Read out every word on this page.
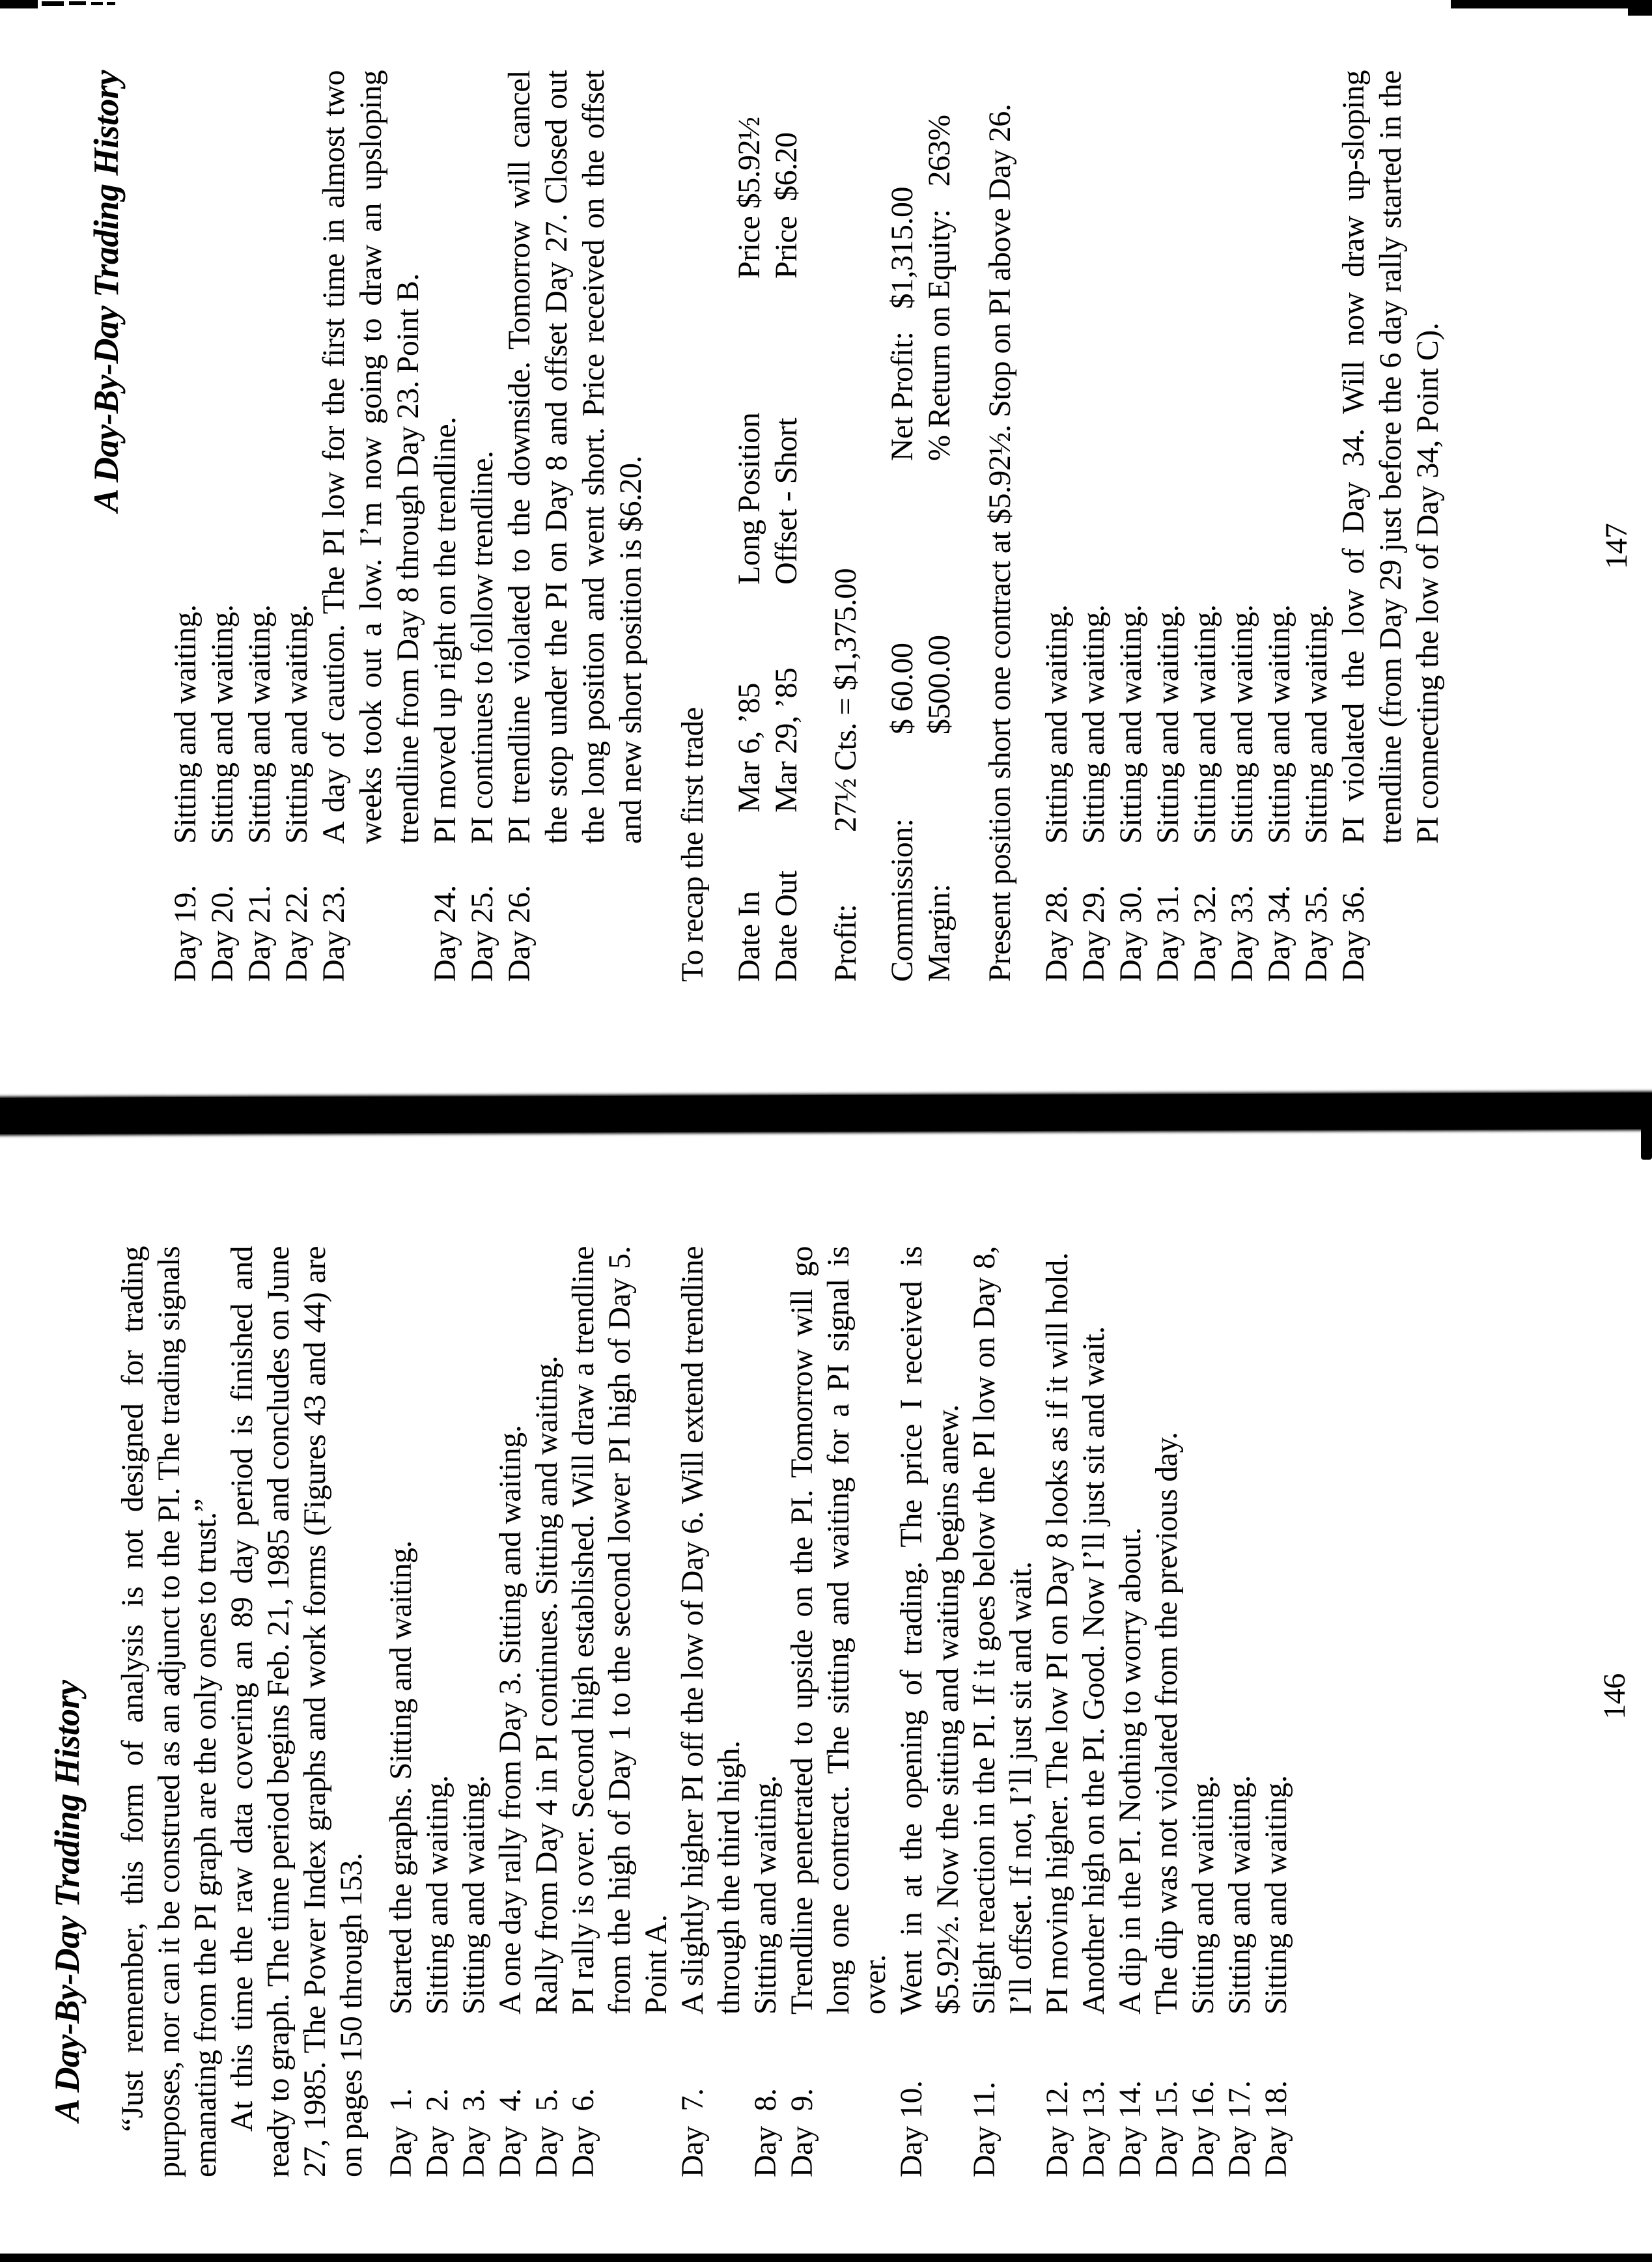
A Day-By-Day Trading History
Day 19.
Sitting and waiting.
Day 20.
Sitting and waiting.
Day 21.
Sitting and waiting.
Day 22.
Sitting and waiting.
Day 23.
A day of caution. The PI low for the first time in almost two weeks took out a low. I’m now going to draw an upsloping trendline from Day 8 through Day 23. Point B.
Day 24.
PI moved up right on the trendline.
Day 25.
PI continues to follow trendline.
Day 26.
PI trendline violated to the downside. Tomorrow will cancel the stop under the PI on Day 8 and offset Day 27. Closed out the long position and went short. Price received on the offset and new short position is $6.20.
To recap the first trade Date In
Mar 6, ’85
Long Position
Price $5.92½
Date Out
Mar 29, ’85
Offset - Short
Price  $6.20
Profit:
27½ Cts. = $1,375.00
Commission:
$ 60.00
Net Profit:
$1,315.00
Margin:
$500.00
% Return on Equity:
263% Present position short one contract at $5.92½. Stop on PI above Day 26. Day 28.
Sitting and waiting.
Day 29.
Sitting and waiting.
Day 30.
Sitting and waiting.
Day 31.
Sitting and waiting.
Day 32.
Sitting and waiting.
Day 33.
Sitting and waiting.
Day 34.
Sitting and waiting.
Day 35.
Sitting and waiting.
Day 36.
PI violated the low of Day 34. Will now draw up-sloping trendline (from Day 29 just before the 6 day rally started in the PI connecting the low of Day 34, Point C).	147
A Day-By-Day Trading History “Just remember, this form of analysis is not designed for trading purposes, nor can it be construed as an adjunct to the PI. The trading signals emanating from the PI graph are the only ones to trust.” At this time the raw data covering an 89 day period is finished and ready to graph. The time period begins Feb. 21, 1985 and concludes on June 27, 1985. The Power Index graphs and work forms (Figures 43 and 44) are on pages 150 through 153. Day  1.
Started the graphs. Sitting and waiting.
Day  2.
Sitting and waiting.
Day  3.
Sitting and waiting.
Day  4.
A one day rally from Day 3. Sitting and waiting.
Day  5.
Rally from Day 4 in PI continues. Sitting and waiting.
Day  6.
PI rally is over. Second high established. Will draw a trendline from the high of Day 1 to the second lower PI high of Day 5. Point A.
Day  7.
A slightly higher PI off the low of Day 6. Will extend trendline through the third high.
Day  8.
Sitting and waiting.
Day  9.
Trendline penetrated to upside on the PI. Tomorrow will go long one contract. The sitting and waiting for a PI signal is over.
Day 10.
Went in at the opening of trading. The price I received is $5.92½. Now the sitting and waiting begins anew.
Day 11.
Slight reaction in the PI. If it goes below the PI low on Day 8, I’ll offset. If not, I’ll just sit and wait.
Day 12.
PI moving higher. The low PI on Day 8 looks as if it will hold.
Day 13.
Another high on the PI. Good. Now I’ll just sit and wait.
Day 14.
A dip in the PI. Nothing to worry about.
Day 15.
The dip was not violated from the previous day.
Day 16.
Sitting and waiting.
Day 17.
Sitting and waiting.
Day 18.
Sitting and waiting.
146
